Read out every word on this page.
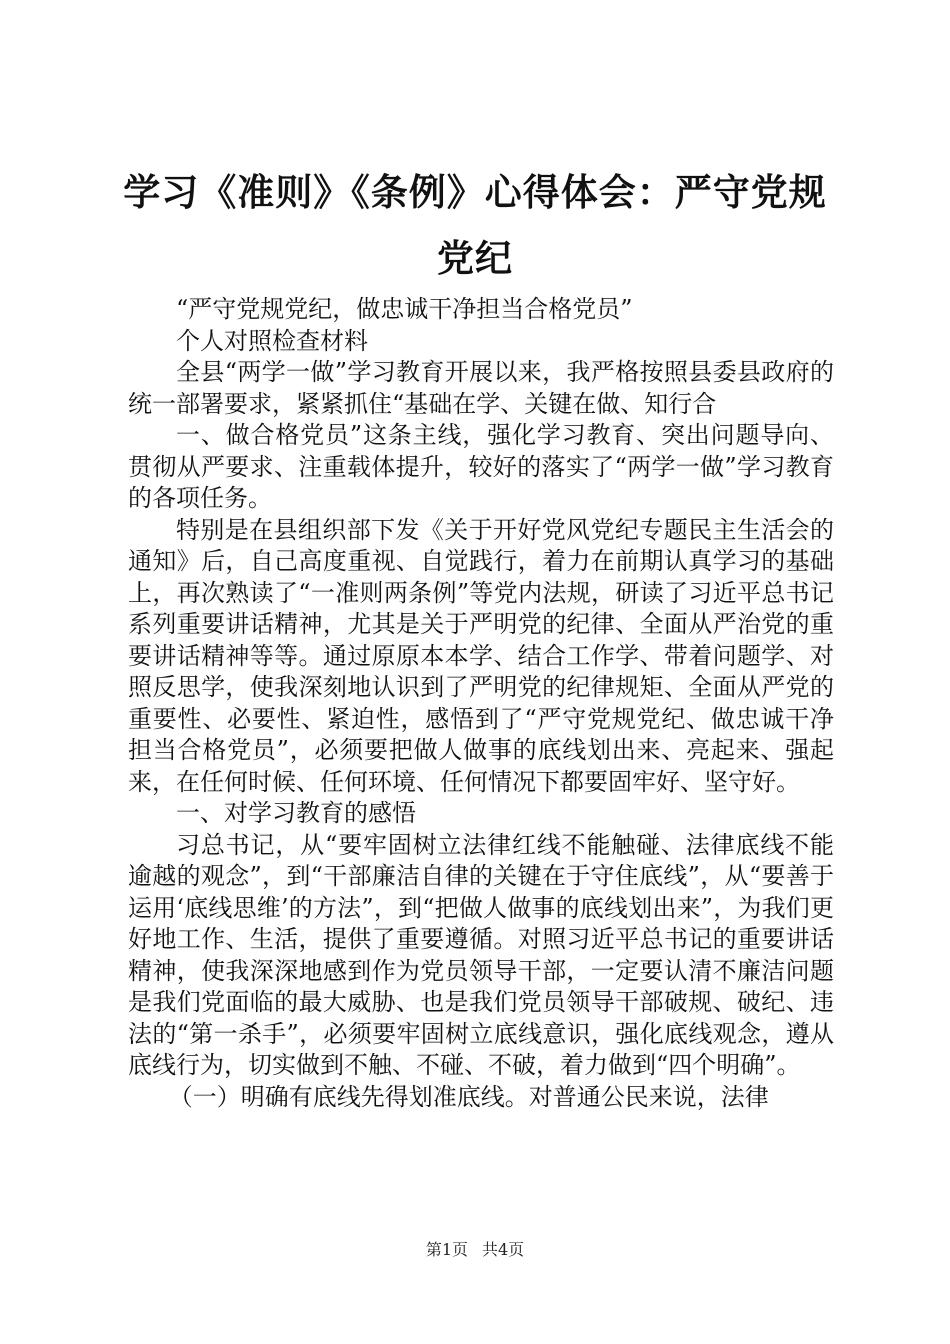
学习《准则》《条例》心得体会：严守党规党纪

“严守党规党纪，做忠诚干净担当合格党员”

个人对照检查材料

全县“两学一做”学习教育开展以来，我严格按照县委县政府的统一部署要求，紧紧抓住“基础在学、关键在做、知行合

一、做合格党员”这条主线，强化学习教育、突出问题导向、贯彻从严要求、注重载体提升，较好的落实了“两学一做”学习教育的各项任务。

特别是在县组织部下发《关于开好党风党纪专题民主生活会的通知》后，自己高度重视、自觉践行，着力在前期认真学习的基础上，再次熟读了“一准则两条例”等党内法规，研读了习近平总书记系列重要讲话精神，尤其是关于严明党的纪律、全面从严治党的重要讲话精神等等。通过原原本本学、结合工作学、带着问题学、对照反思学，使我深刻地认识到了严明党的纪律规矩、全面从严党的重要性、必要性、紧迫性，感悟到了“严守党规党纪、做忠诚干净担当合格党员”，必须要把做人做事的底线划出来、亮起来、强起来，在任何时候、任何环境、任何情况下都要固牢好、坚守好。

一、对学习教育的感悟

习总书记，从“要牢固树立法律红线不能触碰、法律底线不能逾越的观念”，到“干部廉洁自律的关键在于守住底线”，从“要善于运用‘底线思维’的方法”，到“把做人做事的底线划出来”，为我们更好地工作、生活，提供了重要遵循。对照习近平总书记的重要讲话精神，使我深深地感到作为党员领导干部，一定要认清不廉洁问题是我们党面临的最大威胁、也是我们党员领导干部破规、破纪、违法的“第一杀手”，必须要牢固树立底线意识，强化底线观念，遵从底线行为，切实做到不触、不碰、不破，着力做到“四个明确”。

（一）明确有底线先得划准底线。对普通公民来说，法律

第1页 共4页
